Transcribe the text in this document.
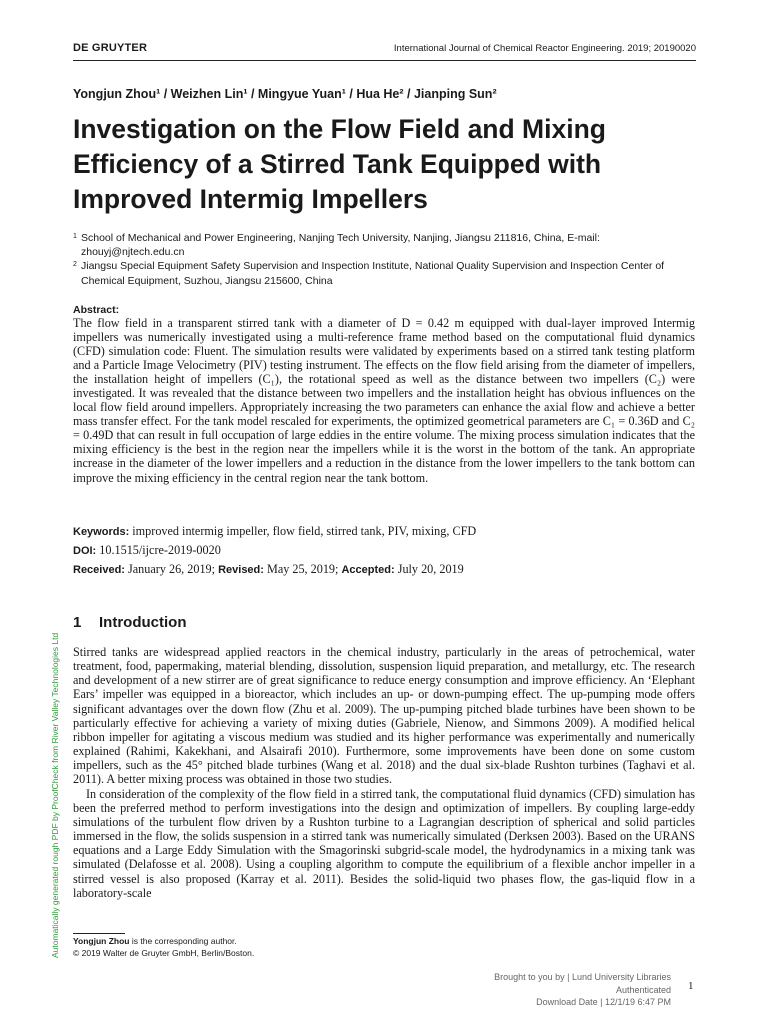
DE GRUYTER	International Journal of Chemical Reactor Engineering. 2019; 20190020
Yongjun Zhou¹ / Weizhen Lin¹ / Mingyue Yuan¹ / Hua He² / Jianping Sun²
Investigation on the Flow Field and Mixing Efficiency of a Stirred Tank Equipped with Improved Intermig Impellers
1 School of Mechanical and Power Engineering, Nanjing Tech University, Nanjing, Jiangsu 211816, China, E-mail: zhouyj@njtech.edu.cn
2 Jiangsu Special Equipment Safety Supervision and Inspection Institute, National Quality Supervision and Inspection Center of Chemical Equipment, Suzhou, Jiangsu 215600, China
Abstract:

The flow field in a transparent stirred tank with a diameter of D = 0.42 m equipped with dual-layer improved Intermig impellers was numerically investigated using a multi-reference frame method based on the computational fluid dynamics (CFD) simulation code: Fluent. The simulation results were validated by experiments based on a stirred tank testing platform and a Particle Image Velocimetry (PIV) testing instrument. The effects on the flow field arising from the diameter of impellers, the installation height of impellers (C₁), the rotational speed as well as the distance between two impellers (C₂) were investigated. It was revealed that the distance between two impellers and the installation height has obvious influences on the local flow field around impellers. Appropriately increasing the two parameters can enhance the axial flow and achieve a better mass transfer effect. For the tank model rescaled for experiments, the optimized geometrical parameters are C₁ = 0.36D and C₂ = 0.49D that can result in full occupation of large eddies in the entire volume. The mixing process simulation indicates that the mixing efficiency is the best in the region near the impellers while it is the worst in the bottom of the tank. An appropriate increase in the diameter of the lower impellers and a reduction in the distance from the lower impellers to the tank bottom can improve the mixing efficiency in the central region near the tank bottom.

Keywords: improved intermig impeller, flow field, stirred tank, PIV, mixing, CFD
DOI: 10.1515/ijcre-2019-0020
Received: January 26, 2019; Revised: May 25, 2019; Accepted: July 20, 2019
Automatically generated rough PDF by ProofCheck from River Valley Technologies Ltd
1 Introduction

Stirred tanks are widespread applied reactors in the chemical industry, particularly in the areas of petrochemical, water treatment, food, papermaking, material blending, dissolution, suspension liquid preparation, and metallurgy, etc. The research and development of a new stirrer are of great significance to reduce energy consumption and improve efficiency. An ‘Elephant Ears’ impeller was equipped in a bioreactor, which includes an up- or down-pumping effect. The up-pumping mode offers significant advantages over the down flow (Zhu et al. 2009). The up-pumping pitched blade turbines have been shown to be particularly effective for achieving a variety of mixing duties (Gabriele, Nienow, and Simmons 2009). A modified helical ribbon impeller for agitating a viscous medium was studied and its higher performance was experimentally and numerically explained (Rahimi, Kakekhani, and Alsairafi 2010). Furthermore, some improvements have been done on some custom impellers, such as the 45° pitched blade turbines (Wang et al. 2018) and the dual six-blade Rushton turbines (Taghavi et al. 2011). A better mixing process was obtained in those two studies.

In consideration of the complexity of the flow field in a stirred tank, the computational fluid dynamics (CFD) simulation has been the preferred method to perform investigations into the design and optimization of impellers. By coupling large-eddy simulations of the turbulent flow driven by a Rushton turbine to a Lagrangian description of spherical and solid particles immersed in the flow, the solids suspension in a stirred tank was numerically simulated (Derksen 2003). Based on the URANS equations and a Large Eddy Simulation with the Smagorinski subgrid-scale model, the hydrodynamics in a mixing tank was simulated (Delafosse et al. 2008). Using a coupling algorithm to compute the equilibrium of a flexible anchor impeller in a stirred vessel is also proposed (Karray et al. 2011). Besides the solid-liquid two phases flow, the gas-liquid flow in a laboratory-scale

Yongjun Zhou is the corresponding author.
© 2019 Walter de Gruyter GmbH, Berlin/Boston.
Brought to you by | Lund University Libraries
Authenticated
Download Date | 12/1/19 6:47 PM
1
